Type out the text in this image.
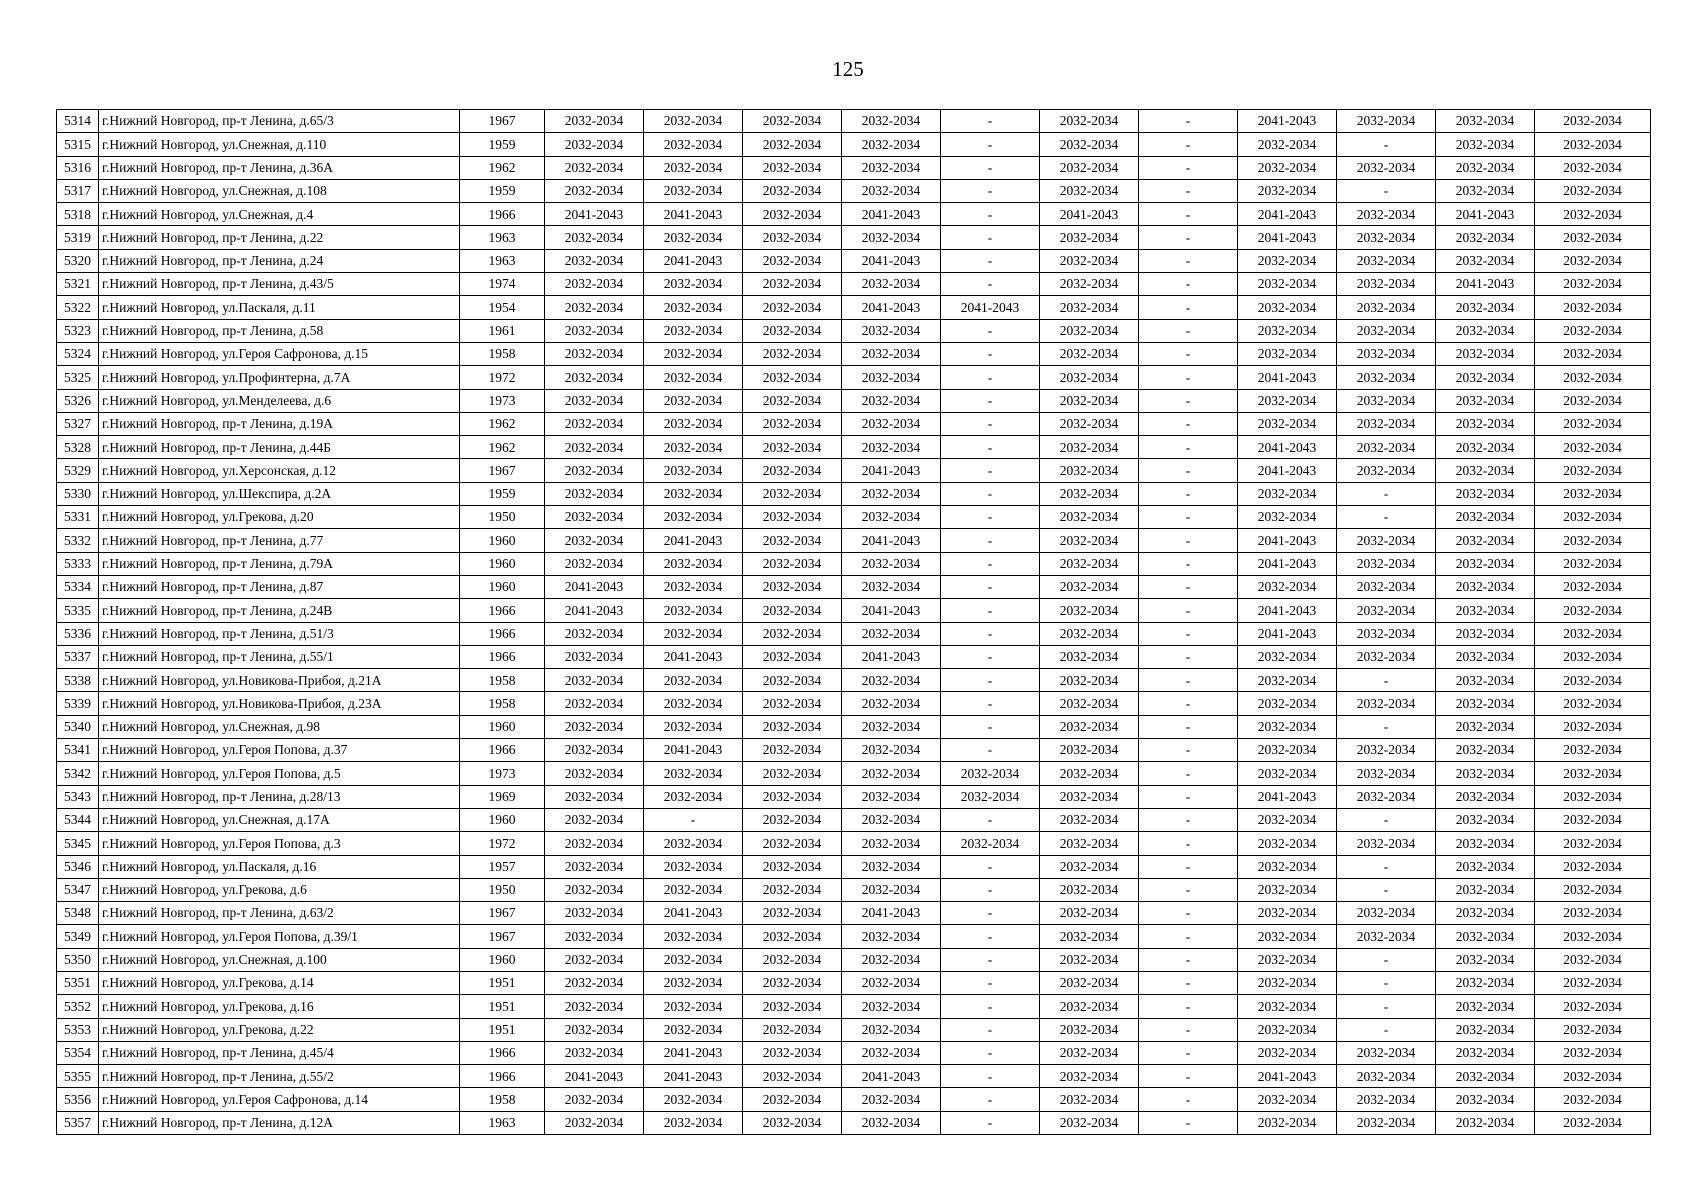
125
5314	г.Нижний Новгород, пр-т Ленина, д.65/3	1967	2032-2034	2032-2034	2032-2034	2032-2034	-	2032-2034	-	2041-2043	2032-2034	2032-2034	2032-2034
5315	г.Нижний Новгород, ул.Снежная, д.110	1959	2032-2034	2032-2034	2032-2034	2032-2034	-	2032-2034	-	2032-2034	-	2032-2034	2032-2034
5316	г.Нижний Новгород, пр-т Ленина, д.36А	1962	2032-2034	2032-2034	2032-2034	2032-2034	-	2032-2034	-	2032-2034	2032-2034	2032-2034	2032-2034
5317	г.Нижний Новгород, ул.Снежная, д.108	1959	2032-2034	2032-2034	2032-2034	2032-2034	-	2032-2034	-	2032-2034	-	2032-2034	2032-2034
5318	г.Нижний Новгород, ул.Снежная, д.4	1966	2041-2043	2041-2043	2032-2034	2041-2043	-	2041-2043	-	2041-2043	2032-2034	2041-2043	2032-2034
5319	г.Нижний Новгород, пр-т Ленина, д.22	1963	2032-2034	2032-2034	2032-2034	2032-2034	-	2032-2034	-	2041-2043	2032-2034	2032-2034	2032-2034
5320	г.Нижний Новгород, пр-т Ленина, д.24	1963	2032-2034	2041-2043	2032-2034	2041-2043	-	2032-2034	-	2032-2034	2032-2034	2032-2034	2032-2034
5321	г.Нижний Новгород, пр-т Ленина, д.43/5	1974	2032-2034	2032-2034	2032-2034	2032-2034	-	2032-2034	-	2032-2034	2032-2034	2041-2043	2032-2034
5322	г.Нижний Новгород, ул.Паскаля, д.11	1954	2032-2034	2032-2034	2032-2034	2041-2043	2041-2043	2032-2034	-	2032-2034	2032-2034	2032-2034	2032-2034
5323	г.Нижний Новгород, пр-т Ленина, д.58	1961	2032-2034	2032-2034	2032-2034	2032-2034	-	2032-2034	-	2032-2034	2032-2034	2032-2034	2032-2034
5324	г.Нижний Новгород, ул.Героя Сафронова, д.15	1958	2032-2034	2032-2034	2032-2034	2032-2034	-	2032-2034	-	2032-2034	2032-2034	2032-2034	2032-2034
5325	г.Нижний Новгород, ул.Профинтерна, д.7А	1972	2032-2034	2032-2034	2032-2034	2032-2034	-	2032-2034	-	2041-2043	2032-2034	2032-2034	2032-2034
5326	г.Нижний Новгород, ул.Менделеева, д.6	1973	2032-2034	2032-2034	2032-2034	2032-2034	-	2032-2034	-	2032-2034	2032-2034	2032-2034	2032-2034
5327	г.Нижний Новгород, пр-т Ленина, д.19А	1962	2032-2034	2032-2034	2032-2034	2032-2034	-	2032-2034	-	2032-2034	2032-2034	2032-2034	2032-2034
5328	г.Нижний Новгород, пр-т Ленина, д.44Б	1962	2032-2034	2032-2034	2032-2034	2032-2034	-	2032-2034	-	2041-2043	2032-2034	2032-2034	2032-2034
5329	г.Нижний Новгород, ул.Херсонская, д.12	1967	2032-2034	2032-2034	2032-2034	2041-2043	-	2032-2034	-	2041-2043	2032-2034	2032-2034	2032-2034
5330	г.Нижний Новгород, ул.Шекспира, д.2А	1959	2032-2034	2032-2034	2032-2034	2032-2034	-	2032-2034	-	2032-2034	-	2032-2034	2032-2034
5331	г.Нижний Новгород, ул.Грекова, д.20	1950	2032-2034	2032-2034	2032-2034	2032-2034	-	2032-2034	-	2032-2034	-	2032-2034	2032-2034
5332	г.Нижний Новгород, пр-т Ленина, д.77	1960	2032-2034	2041-2043	2032-2034	2041-2043	-	2032-2034	-	2041-2043	2032-2034	2032-2034	2032-2034
5333	г.Нижний Новгород, пр-т Ленина, д.79А	1960	2032-2034	2032-2034	2032-2034	2032-2034	-	2032-2034	-	2041-2043	2032-2034	2032-2034	2032-2034
5334	г.Нижний Новгород, пр-т Ленина, д.87	1960	2041-2043	2032-2034	2032-2034	2032-2034	-	2032-2034	-	2032-2034	2032-2034	2032-2034	2032-2034
5335	г.Нижний Новгород, пр-т Ленина, д.24В	1966	2041-2043	2032-2034	2032-2034	2041-2043	-	2032-2034	-	2041-2043	2032-2034	2032-2034	2032-2034
5336	г.Нижний Новгород, пр-т Ленина, д.51/3	1966	2032-2034	2032-2034	2032-2034	2032-2034	-	2032-2034	-	2041-2043	2032-2034	2032-2034	2032-2034
5337	г.Нижний Новгород, пр-т Ленина, д.55/1	1966	2032-2034	2041-2043	2032-2034	2041-2043	-	2032-2034	-	2032-2034	2032-2034	2032-2034	2032-2034
5338	г.Нижний Новгород, ул.Новикова-Прибоя, д.21А	1958	2032-2034	2032-2034	2032-2034	2032-2034	-	2032-2034	-	2032-2034	-	2032-2034	2032-2034
5339	г.Нижний Новгород, ул.Новикова-Прибоя, д.23А	1958	2032-2034	2032-2034	2032-2034	2032-2034	-	2032-2034	-	2032-2034	2032-2034	2032-2034	2032-2034
5340	г.Нижний Новгород, ул.Снежная, д.98	1960	2032-2034	2032-2034	2032-2034	2032-2034	-	2032-2034	-	2032-2034	-	2032-2034	2032-2034
5341	г.Нижний Новгород, ул.Героя Попова, д.37	1966	2032-2034	2041-2043	2032-2034	2032-2034	-	2032-2034	-	2032-2034	2032-2034	2032-2034	2032-2034
5342	г.Нижний Новгород, ул.Героя Попова, д.5	1973	2032-2034	2032-2034	2032-2034	2032-2034	2032-2034	2032-2034	-	2032-2034	2032-2034	2032-2034	2032-2034
5343	г.Нижний Новгород, пр-т Ленина, д.28/13	1969	2032-2034	2032-2034	2032-2034	2032-2034	2032-2034	2032-2034	-	2041-2043	2032-2034	2032-2034	2032-2034
5344	г.Нижний Новгород, ул.Снежная, д.17А	1960	2032-2034	-	2032-2034	2032-2034	-	2032-2034	-	2032-2034	-	2032-2034	2032-2034
5345	г.Нижний Новгород, ул.Героя Попова, д.3	1972	2032-2034	2032-2034	2032-2034	2032-2034	2032-2034	2032-2034	-	2032-2034	2032-2034	2032-2034	2032-2034
5346	г.Нижний Новгород, ул.Паскаля, д.16	1957	2032-2034	2032-2034	2032-2034	2032-2034	-	2032-2034	-	2032-2034	-	2032-2034	2032-2034
5347	г.Нижний Новгород, ул.Грекова, д.6	1950	2032-2034	2032-2034	2032-2034	2032-2034	-	2032-2034	-	2032-2034	-	2032-2034	2032-2034
5348	г.Нижний Новгород, пр-т Ленина, д.63/2	1967	2032-2034	2041-2043	2032-2034	2041-2043	-	2032-2034	-	2032-2034	2032-2034	2032-2034	2032-2034
5349	г.Нижний Новгород, ул.Героя Попова, д.39/1	1967	2032-2034	2032-2034	2032-2034	2032-2034	-	2032-2034	-	2032-2034	2032-2034	2032-2034	2032-2034
5350	г.Нижний Новгород, ул.Снежная, д.100	1960	2032-2034	2032-2034	2032-2034	2032-2034	-	2032-2034	-	2032-2034	-	2032-2034	2032-2034
5351	г.Нижний Новгород, ул.Грекова, д.14	1951	2032-2034	2032-2034	2032-2034	2032-2034	-	2032-2034	-	2032-2034	-	2032-2034	2032-2034
5352	г.Нижний Новгород, ул.Грекова, д.16	1951	2032-2034	2032-2034	2032-2034	2032-2034	-	2032-2034	-	2032-2034	-	2032-2034	2032-2034
5353	г.Нижний Новгород, ул.Грекова, д.22	1951	2032-2034	2032-2034	2032-2034	2032-2034	-	2032-2034	-	2032-2034	-	2032-2034	2032-2034
5354	г.Нижний Новгород, пр-т Ленина, д.45/4	1966	2032-2034	2041-2043	2032-2034	2032-2034	-	2032-2034	-	2032-2034	2032-2034	2032-2034	2032-2034
5355	г.Нижний Новгород, пр-т Ленина, д.55/2	1966	2041-2043	2041-2043	2032-2034	2041-2043	-	2032-2034	-	2041-2043	2032-2034	2032-2034	2032-2034
5356	г.Нижний Новгород, ул.Героя Сафронова, д.14	1958	2032-2034	2032-2034	2032-2034	2032-2034	-	2032-2034	-	2032-2034	2032-2034	2032-2034	2032-2034
5357	г.Нижний Новгород, пр-т Ленина, д.12А	1963	2032-2034	2032-2034	2032-2034	2032-2034	-	2032-2034	-	2032-2034	2032-2034	2032-2034	2032-2034
